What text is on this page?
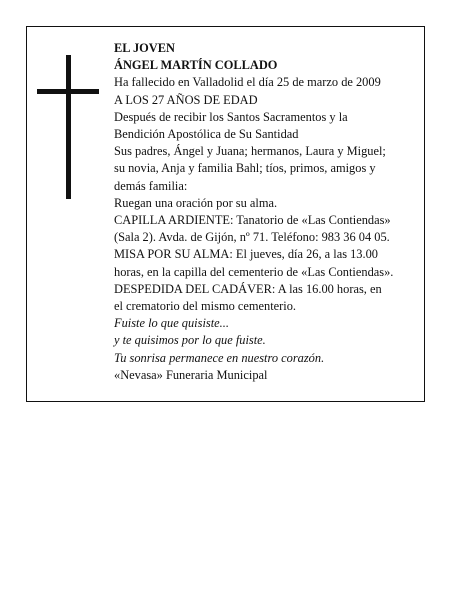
EL JOVEN

ÁNGEL MARTÍN COLLADO

Ha fallecido en Valladolid el día 25 de marzo de 2009

A LOS 27 AÑOS DE EDAD

Después de recibir los Santos Sacramentos y la

Bendición Apostólica de Su Santidad

Sus padres, Ángel y Juana; hermanos, Laura y Miguel;

su novia, Anja y familia Bahl; tíos, primos, amigos y

demás familia:

Ruegan una oración por su alma.

CAPILLA ARDIENTE: Tanatorio de «Las Contiendas»

(Sala 2). Avda. de Gijón, nº 71. Teléfono: 983 36 04 05.

MISA POR SU ALMA: El jueves, día 26, a las 13.00

horas, en la capilla del cementerio de «Las Contiendas».

DESPEDIDA DEL CADÁVER: A las 16.00 horas, en

el crematorio del mismo cementerio.

Fuiste lo que quisiste...

y te quisimos por lo que fuiste.

Tu sonrisa permanece en nuestro corazón.

«Nevasa» Funeraria Municipal
